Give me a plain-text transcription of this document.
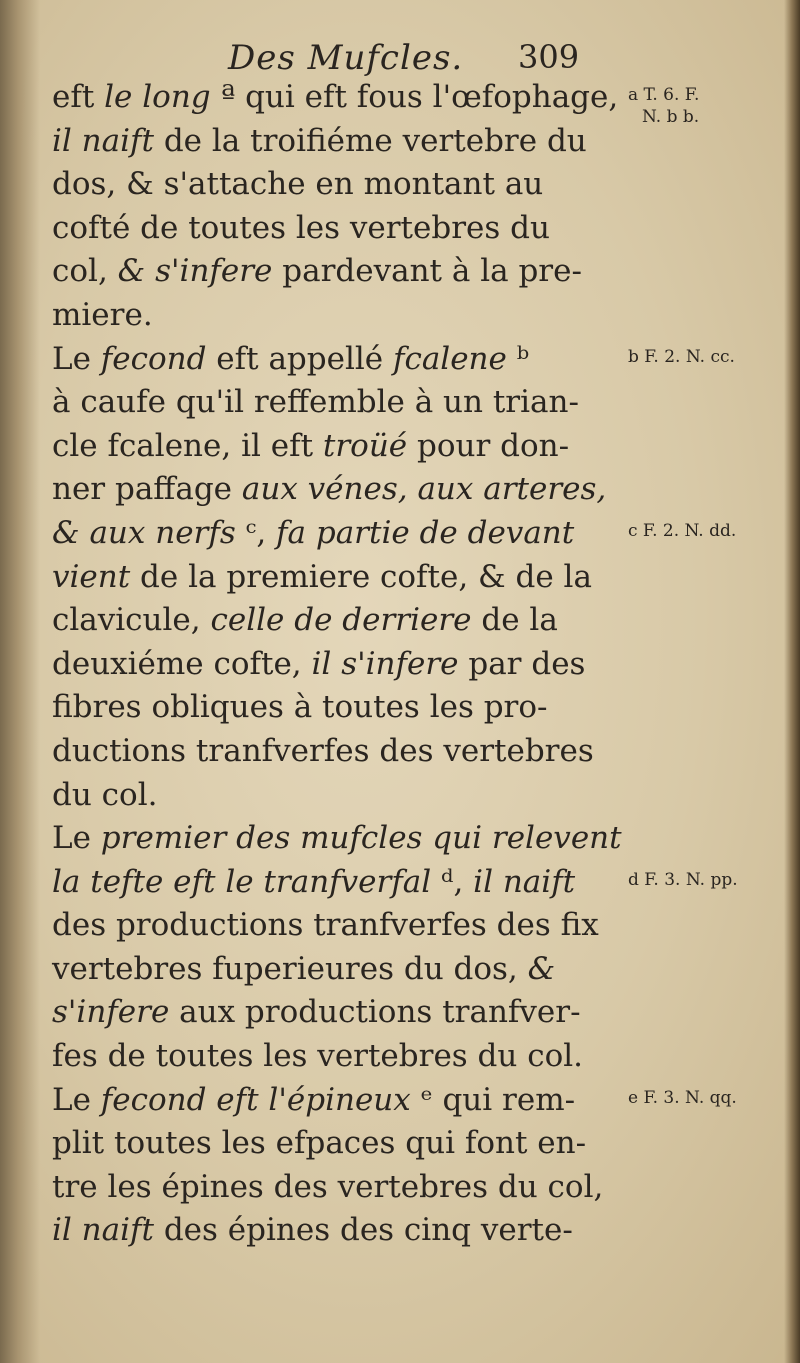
Des Mufcles. 309
eft le long ª qui eft fous l'œfophage,
il naift de la troifiéme vertebre du
dos, & s'attache en montant au
cofté de toutes les vertebres du
col, & s'infere pardevant à la pre-
miere.
Le fecond eft appellé fcalene ᵇ
à caufe qu'il reffemble à un trian-
cle fcalene, il eft troüé pour don-
ner paffage aux vénes, aux arteres,
& aux nerfs ᶜ, fa partie de devant
vient de la premiere cofte, & de la
clavicule, celle de derriere de la
deuxiéme cofte, il s'infere par des
fibres obliques à toutes les pro-
ductions tranfverfes des vertebres
du col.
Le premier des mufcles qui relevent
la tefte eft le tranfverfal ᵈ, il naift
des productions tranfverfes des fix
vertebres fuperieures du dos, &
s'infere aux productions tranfver-
fes de toutes les vertebres du col.
Le fecond eft l'épineux ᵉ qui rem-
plit toutes les efpaces qui font en-
tre les épines des vertebres du col,
il naift des épines des cinq verte-
a T. 6. F.
N. b b.
b F. 2. N. cc.
c F. 2. N. dd.
d F. 3. N. pp.
e F. 3. N. qq.
